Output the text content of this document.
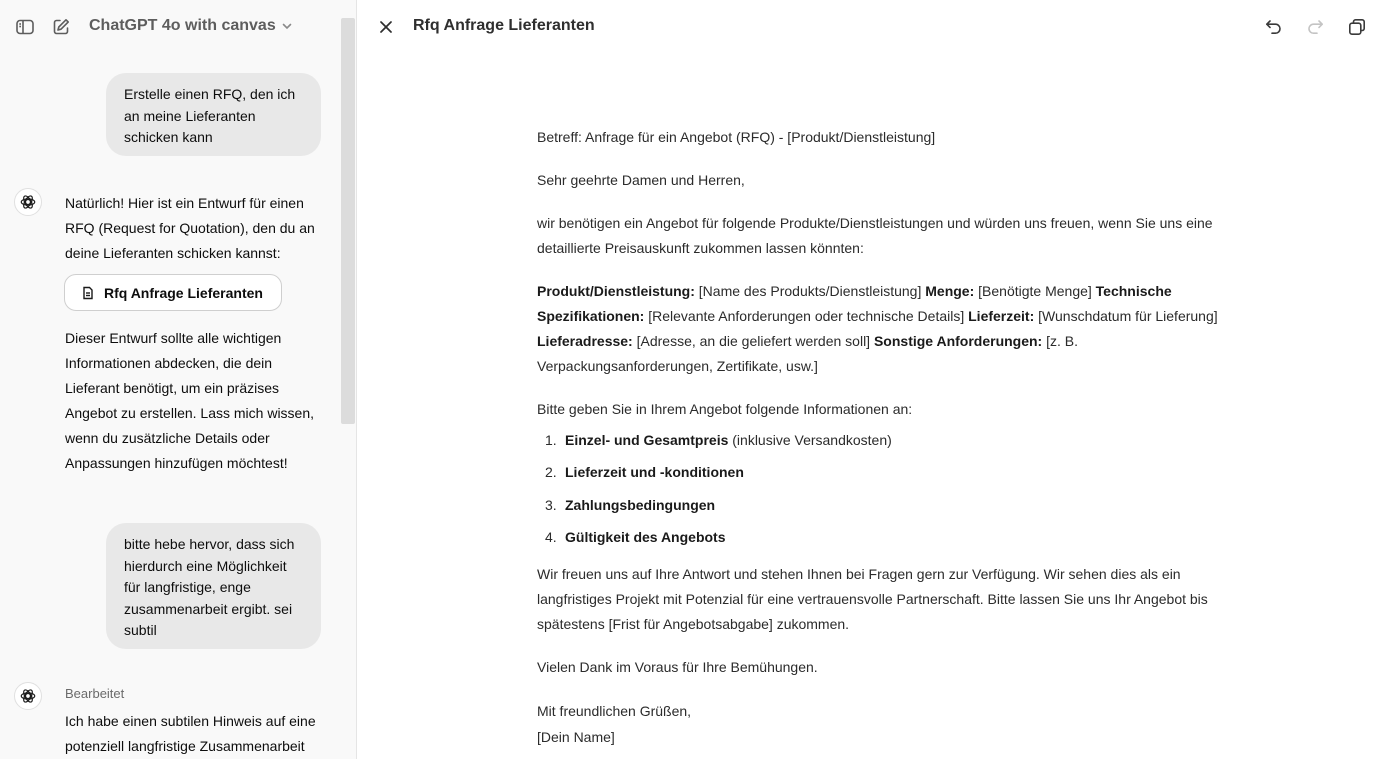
ChatGPT 4o with canvas
Erstelle einen RFQ, den ich an meine Lieferanten schicken kann
Natürlich! Hier ist ein Entwurf für einen RFQ (Request for Quotation), den du an deine Lieferanten schicken kannst:
Rfq Anfrage Lieferanten
Dieser Entwurf sollte alle wichtigen Informationen abdecken, die dein Lieferant benötigt, um ein präzises Angebot zu erstellen. Lass mich wissen, wenn du zusätzliche Details oder Anpassungen hinzufügen möchtest!
bitte hebe hervor, dass sich hierdurch eine Möglichkeit für langfristige, enge zusammenarbeit ergibt. sei subtil
Bearbeitet
Ich habe einen subtilen Hinweis auf eine potenziell langfristige Zusammenarbeit
Rfq Anfrage Lieferanten

Betreff: Anfrage für ein Angebot (RFQ) - [Produkt/Dienstleistung]

Sehr geehrte Damen und Herren,

wir benötigen ein Angebot für folgende Produkte/Dienstleistungen und würden uns freuen, wenn Sie uns eine detaillierte Preisauskunft zukommen lassen könnten:

Produkt/Dienstleistung: [Name des Produkts/Dienstleistung] Menge: [Benötigte Menge] Technische Spezifikationen: [Relevante Anforderungen oder technische Details] Lieferzeit: [Wunschdatum für Lieferung] Lieferadresse: [Adresse, an die geliefert werden soll] Sonstige Anforderungen: [z. B. Verpackungsanforderungen, Zertifikate, usw.]

Bitte geben Sie in Ihrem Angebot folgende Informationen an:

1. Einzel- und Gesamtpreis (inklusive Versandkosten)
2. Lieferzeit und -konditionen
3. Zahlungsbedingungen
4. Gültigkeit des Angebots

Wir freuen uns auf Ihre Antwort und stehen Ihnen bei Fragen gern zur Verfügung. Wir sehen dies als ein langfristiges Projekt mit Potenzial für eine vertrauensvolle Partnerschaft. Bitte lassen Sie uns Ihr Angebot bis spätestens [Frist für Angebotsabgabe] zukommen.

Vielen Dank im Voraus für Ihre Bemühungen.

Mit freundlichen Grüßen,
[Dein Name]
